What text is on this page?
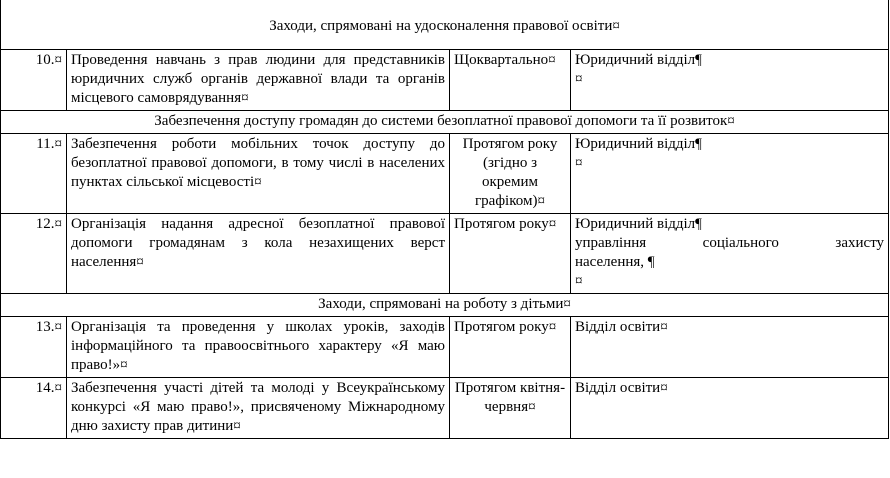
Заходи, спрямовані на удосконалення правової освіти¤			
10.¤	Проведення навчань з прав людини для представників юридичних служб органів державної влади та органів місцевого самоврядування¤	Щоквартально¤	Юридичний відділ¶
¤

Забезпечення доступу громадян до системи безоплатної правової допомоги та її розвиток¤			
11.¤	Забезпечення роботи мобільних точок доступу до безоплатної правової допомоги, в тому числі в населених пунктах сільської місцевості¤	Протягом року (згідно з окремим графіком)¤	Юридичний відділ¶
¤

12.¤	Організація надання адресної безоплатної правової допомоги громадянам з кола незахищених верст населення¤	Протягом року¤	Юридичний відділ¶
управління соціального захисту
населення, ¶
¤

Заходи, спрямовані на роботу з дітьми¤			
13.¤	Організація та проведення у школах уроків, заходів інформаційного та правоосвітнього характеру «Я маю право!»¤	Протягом року¤	Відділ освіти¤
14.¤	Забезпечення участі дітей та молоді у Всеукраїнському конкурсі «Я маю право!», присвяченому Міжнародному дню захисту прав дитини¤	Протягом квітня-червня¤	Відділ освіти¤
